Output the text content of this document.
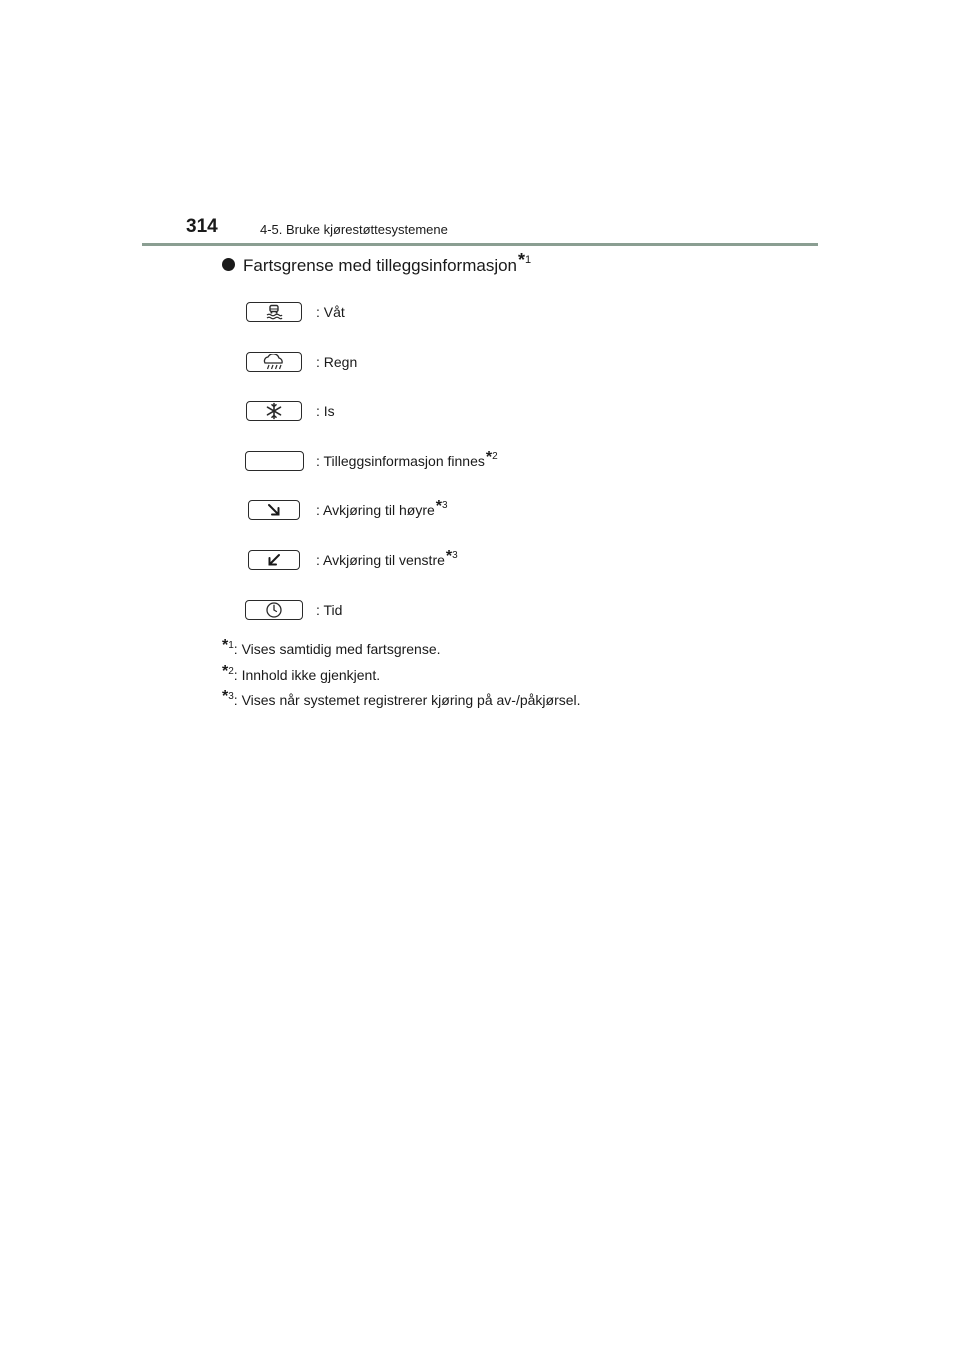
314	4-5. Bruke kjørestøttesystemene
Fartsgrense med tilleggsinformasjon*$^1$
: Våt
: Regn
: Is
: Tilleggsinformasjon finnes*$^2$
: Avkjøring til høyre*$^3$
: Avkjøring til venstre*$^3$
: Tid
*$^1$: Vises samtidig med fartsgrense.
*$^2$: Innhold ikke gjenkjent.
*$^3$: Vises når systemet registrerer kjøring på av-/påkjørsel.
